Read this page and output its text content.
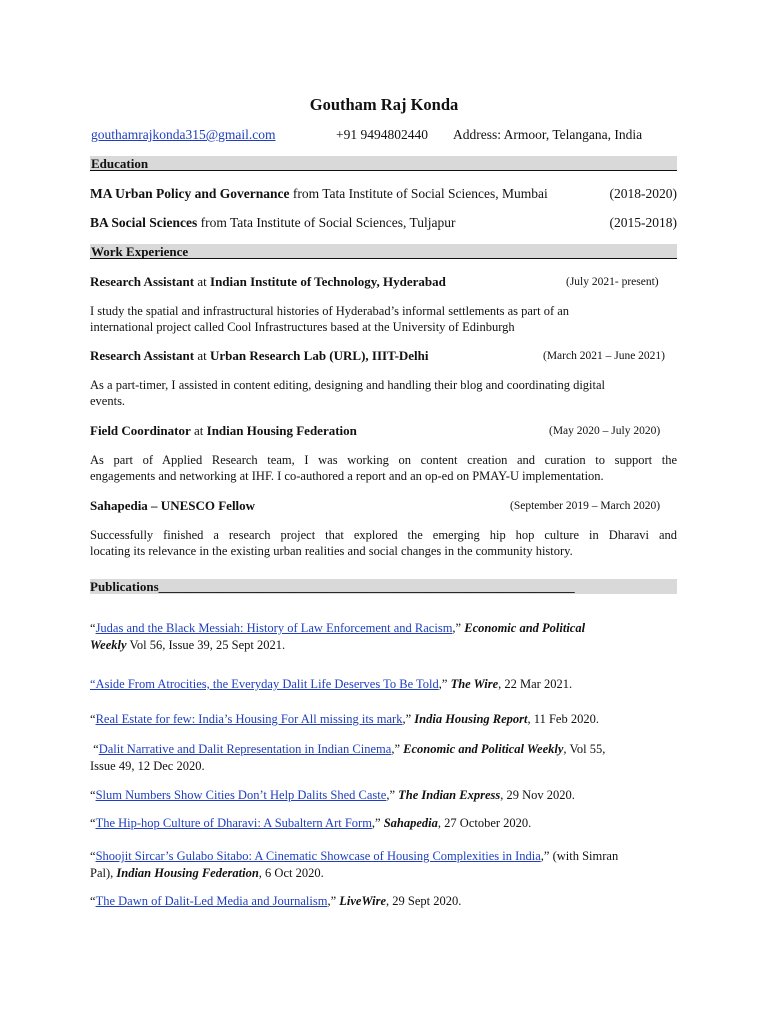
Goutham Raj Konda
gouthamrajkonda315@gmail.com	+91 9494802440 Address: Armoor, Telangana, India
Education
MA Urban Policy and Governance from Tata Institute of Social Sciences, Mumbai	(2018-2020)
BA Social Sciences from Tata Institute of Social Sciences, Tuljapur	(2015-2018)
Work Experience
Research Assistant at Indian Institute of Technology, Hyderabad	(July 2021- present)
I study the spatial and infrastructural histories of Hyderabad’s informal settlements as part of an
international project called Cool Infrastructures based at the University of Edinburgh
Research Assistant at Urban Research Lab (URL), IIIT-Delhi	(March 2021 – June 2021)
As a part-timer, I assisted in content editing, designing and handling their blog and coordinating digital
events.
Field Coordinator at Indian Housing Federation	(May 2020 – July 2020)
As part of Applied Research team, I was working on content creation and curation to support the
engagements and networking at IHF. I co-authored a report and an op-ed on PMAY-U implementation.
Sahapedia – UNESCO Fellow	(September 2019 – March 2020)
Successfully finished a research project that explored the emerging hip hop culture in Dharavi and
locating its relevance in the existing urban realities and social changes in the community history.
Publications________________________________________________________________
“Judas and the Black Messiah: History of Law Enforcement and Racism,” Economic and Political
Weekly Vol 56, Issue 39, 25 Sept 2021.
“Aside From Atrocities, the Everyday Dalit Life Deserves To Be Told,” The Wire, 22 Mar 2021.
“Real Estate for few: India’s Housing For All missing its mark,” India Housing Report, 11 Feb 2020.
“Dalit Narrative and Dalit Representation in Indian Cinema,” Economic and Political Weekly, Vol 55,
Issue 49, 12 Dec 2020.
“Slum Numbers Show Cities Don’t Help Dalits Shed Caste,” The Indian Express, 29 Nov 2020.
“The Hip-hop Culture of Dharavi: A Subaltern Art Form,” Sahapedia, 27 October 2020.
“Shoojit Sircar’s Gulabo Sitabo: A Cinematic Showcase of Housing Complexities in India,” (with Simran
Pal), Indian Housing Federation, 6 Oct 2020.
“The Dawn of Dalit-Led Media and Journalism,” LiveWire, 29 Sept 2020.
